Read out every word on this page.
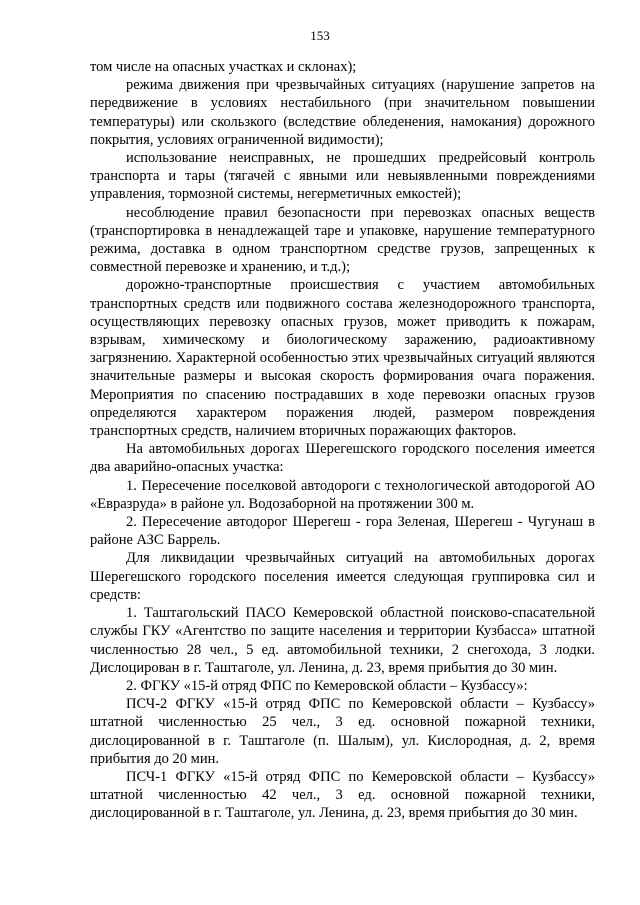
153

том числе на опасных участках и склонах);

режима движения при чрезвычайных ситуациях (нарушение запретов на передвижение в условиях нестабильного (при значительном повышении температуры) или скользкого (вследствие обледенения, намокания) дорожного покрытия, условиях ограниченной видимости);

использование неисправных, не прошедших предрейсовый контроль транспорта и тары (тягачей с явными или невыявленными повреждениями управления, тормозной системы, негерметичных емкостей);

несоблюдение правил безопасности при перевозках опасных веществ (транспортировка в ненадлежащей таре и упаковке, нарушение температурного режима, доставка в одном транспортном средстве грузов, запрещенных к совместной перевозке и хранению, и т.д.);

дорожно-транспортные происшествия с участием автомобильных транспортных средств или подвижного состава железнодорожного транспорта, осуществляющих перевозку опасных грузов, может приводить к пожарам, взрывам, химическому и биологическому заражению, радиоактивному загрязнению. Характерной особенностью этих чрезвычайных ситуаций являются значительные размеры и высокая скорость формирования очага поражения. Мероприятия по спасению пострадавших в ходе перевозки опасных грузов определяются характером поражения людей, размером повреждения транспортных средств, наличием вторичных поражающих факторов.

На автомобильных дорогах Шерегешского городского поселения имеется два аварийно-опасных участка:

1. Пересечение поселковой автодороги с технологической автодорогой АО «Евразруда» в районе ул. Водозаборной на протяжении 300 м.

2. Пересечение автодорог Шерегеш - гора Зеленая, Шерегеш - Чугунаш в районе АЗС Баррель.

Для ликвидации чрезвычайных ситуаций на автомобильных дорогах Шерегешского городского поселения имеется следующая группировка сил и средств:

1. Таштагольский ПАСО Кемеровской областной поисково-спасательной службы ГКУ «Агентство по защите населения и территории Кузбасса» штатной численностью 28 чел., 5 ед. автомобильной техники, 2 снегохода, 3 лодки. Дислоцирован в г. Таштаголе, ул. Ленина, д. 23, время прибытия до 30 мин.

2. ФГКУ «15-й отряд ФПС по Кемеровской области – Кузбассу»:

ПСЧ-2 ФГКУ «15-й отряд ФПС по Кемеровской области – Кузбассу» штатной численностью 25 чел., 3 ед. основной пожарной техники, дислоцированной в г. Таштаголе (п. Шалым), ул. Кислородная, д. 2, время прибытия до 20 мин.

ПСЧ-1 ФГКУ «15-й отряд ФПС по Кемеровской области – Кузбассу» штатной численностью 42 чел., 3 ед. основной пожарной техники, дислоцированной в г. Таштаголе, ул. Ленина, д. 23, время прибытия до 30 мин.
